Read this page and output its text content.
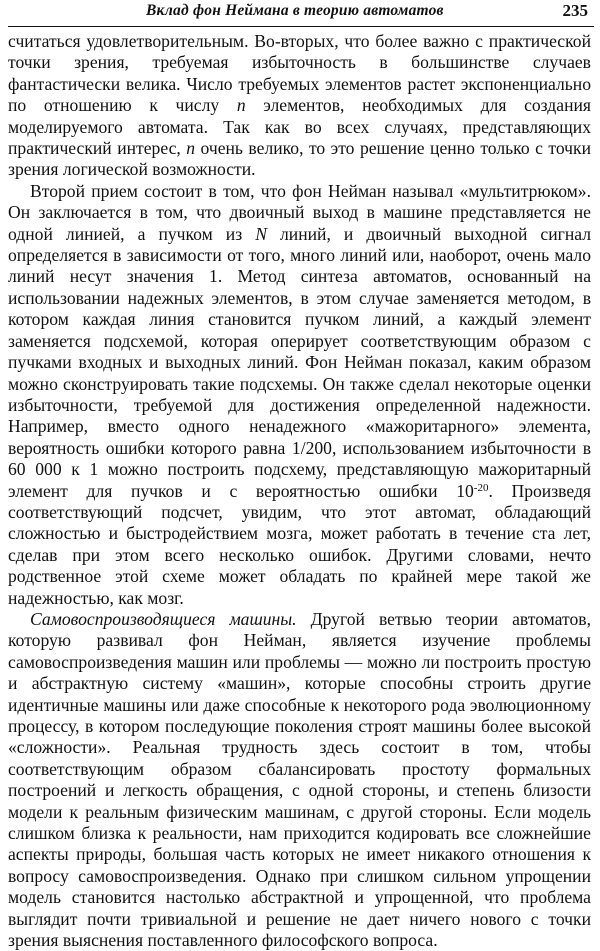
Вклад фон Неймана в теорию автоматов	235

считаться удовлетворительным. Во-вторых, что более важно с практической точки зрения, требуемая избыточность в большинстве случаев фантастически велика. Число требуемых элементов растет экспоненциально по отношению к числу n элементов, необходимых для создания моделируемого автомата. Так как во всех случаях, представляющих практический интерес, n очень велико, то это решение ценно только с точки зрения логической возможности.

Второй прием состоит в том, что фон Нейман называл «мультитрюком». Он заключается в том, что двоичный выход в машине представляется не одной линией, а пучком из N линий, и двоичный выходной сигнал определяется в зависимости от того, много линий или, наоборот, очень мало линий несут значения 1. Метод синтеза автоматов, основанный на использовании надежных элементов, в этом случае заменяется методом, в котором каждая линия становится пучком линий, а каждый элемент заменяется подсхемой, которая оперирует соответствующим образом с пучками входных и выходных линий. Фон Нейман показал, каким образом можно сконструировать такие подсхемы. Он также сделал некоторые оценки избыточности, требуемой для достижения определенной надежности. Например, вместо одного ненадежного «мажоритарного» элемента, вероятность ошибки которого равна 1/200, использованием избыточности в 60 000 к 1 можно построить подсхему, представляющую мажоритарный элемент для пучков и с вероятностью ошибки $10^{-20}$. Произведя соответствующий подсчет, увидим, что этот автомат, обладающий сложностью и быстродействием мозга, может работать в течение ста лет, сделав при этом всего несколько ошибок. Другими словами, нечто родственное этой схеме может обладать по крайней мере такой же надежностью, как мозг.

Самовоспроизводящиеся машины. Другой ветвью теории автоматов, которую развивал фон Нейман, является изучение проблемы самовоспроизведения машин или проблемы — можно ли построить простую и абстрактную систему «машин», которые способны строить другие идентичные машины или даже способные к некоторого рода эволюционному процессу, в котором последующие поколения строят машины более высокой «сложности». Реальная трудность здесь состоит в том, чтобы соответствующим образом сбалансировать простоту формальных построений и легкость обращения, с одной стороны, и степень близости модели к реальным физическим машинам, с другой стороны. Если модель слишком близка к реальности, нам приходится кодировать все сложнейшие аспекты природы, большая часть которых не имеет никакого отношения к вопросу самовоспроизведения. Однако при слишком сильном упрощении модель становится настолько абстрактной и упрощенной, что проблема выглядит почти тривиальной и решение не дает ничего нового с точки зрения выяснения поставленного философского вопроса.
